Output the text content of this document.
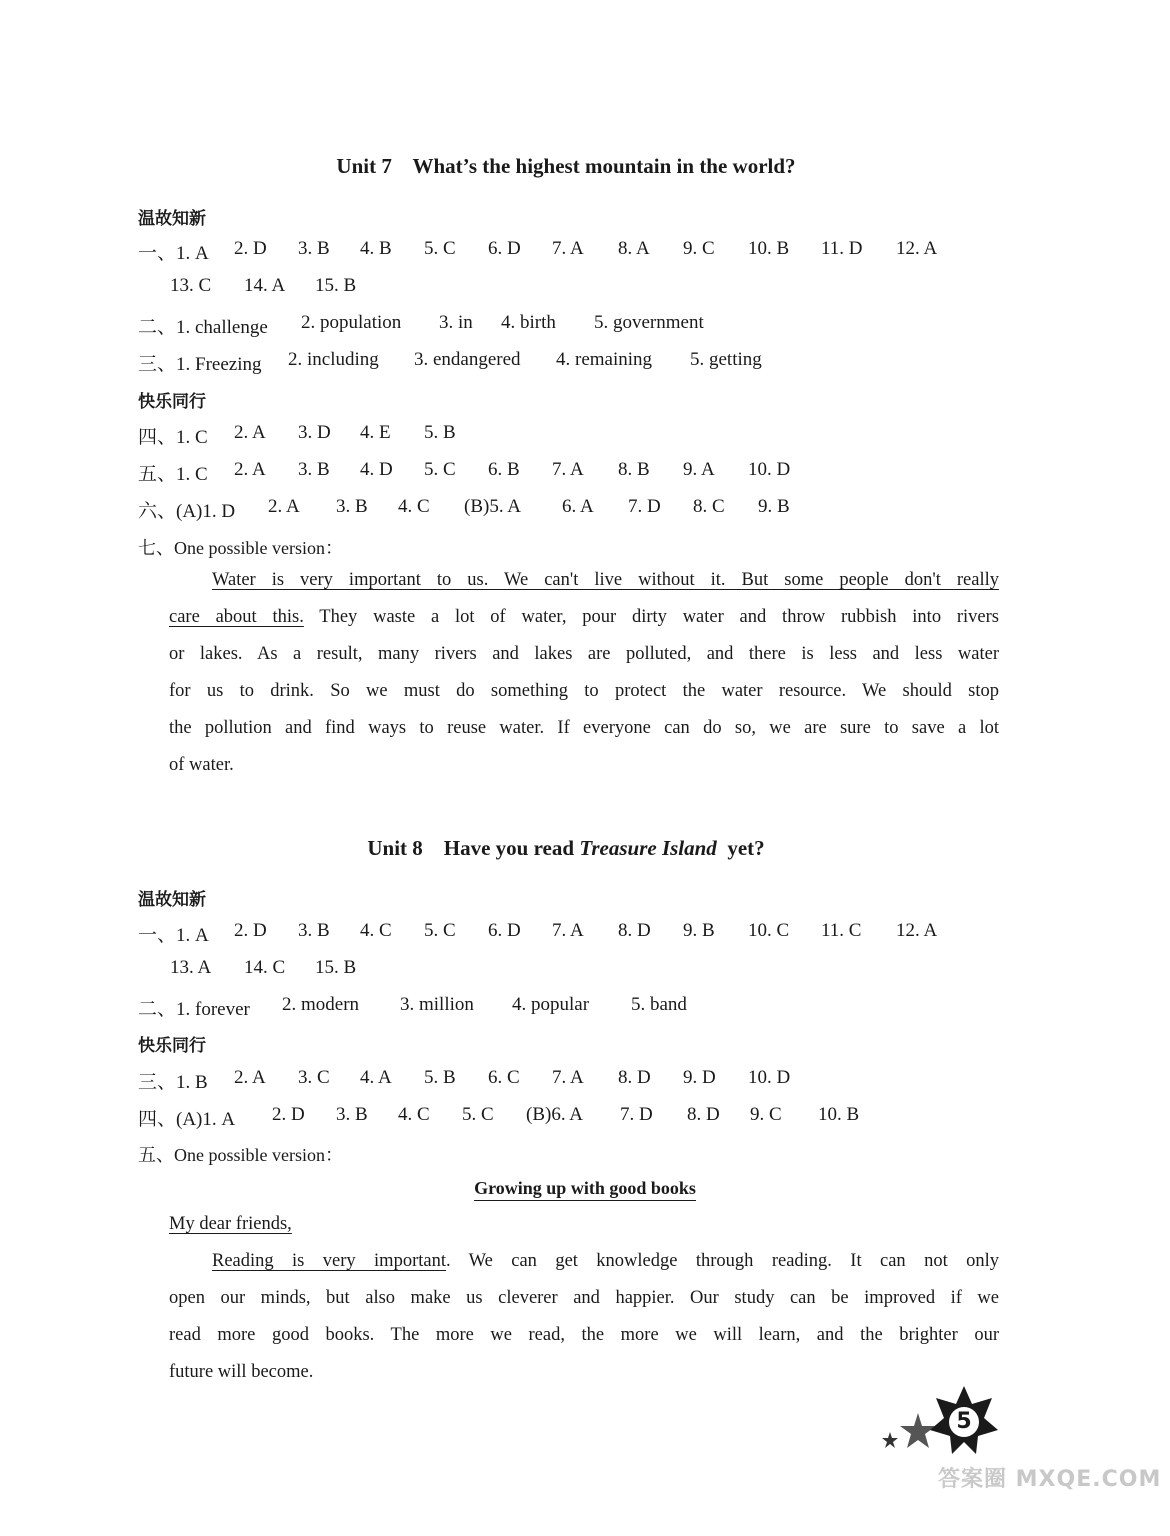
Unit 7    What’s the highest mountain in the world?
温故知新
一、1. A 2. D 3. B 4. B 5. C 6. D 7. A 8. A 9. C 10. B 11. D 12. A
13. C 14. A 15. B
二、1. challenge 2. population 3. in 4. birth 5. government
三、1. Freezing 2. including 3. endangered 4. remaining 5. getting
快乐同行
四、1. C 2. A 3. D 4. E 5. B
五、1. C 2. A 3. B 4. D 5. C 6. B 7. A 8. B 9. A 10. D
六、(A)1. D 2. A 3. B 4. C (B)5. A 6. A 7. D 8. C 9. B
七、One possible version：
Water is very important to us. We can't live without it. But some people don't really
care about this. They waste a lot of water, pour dirty water and throw rubbish into rivers
or lakes. As a result, many rivers and lakes are polluted, and there is less and less water
for us to drink. So we must do something to protect the water resource. We should stop
the pollution and find ways to reuse water. If everyone can do so, we are sure to save a lot
of water.
Unit 8    Have you read Treasure Island  yet?
温故知新
一、1. A 2. D 3. B 4. C 5. C 6. D 7. A 8. D 9. B 10. C 11. C 12. A
13. A 14. C 15. B
二、1. forever 2. modern 3. million 4. popular 5. band
快乐同行
三、1. B 2. A 3. C 4. A 5. B 6. C 7. A 8. D 9. D 10. D
四、(A)1. A 2. D 3. B 4. C 5. C (B)6. A 7. D 8. D 9. C 10. B
五、One possible version：
Growing up with good books
My dear friends,
Reading is very important. We can get knowledge through reading. It can not only
open our minds, but also make us cleverer and happier. Our study can be improved if we
read more good books. The more we read, the more we will learn, and the brighter our
future will become.
5
答案圈 MXQE.COM
